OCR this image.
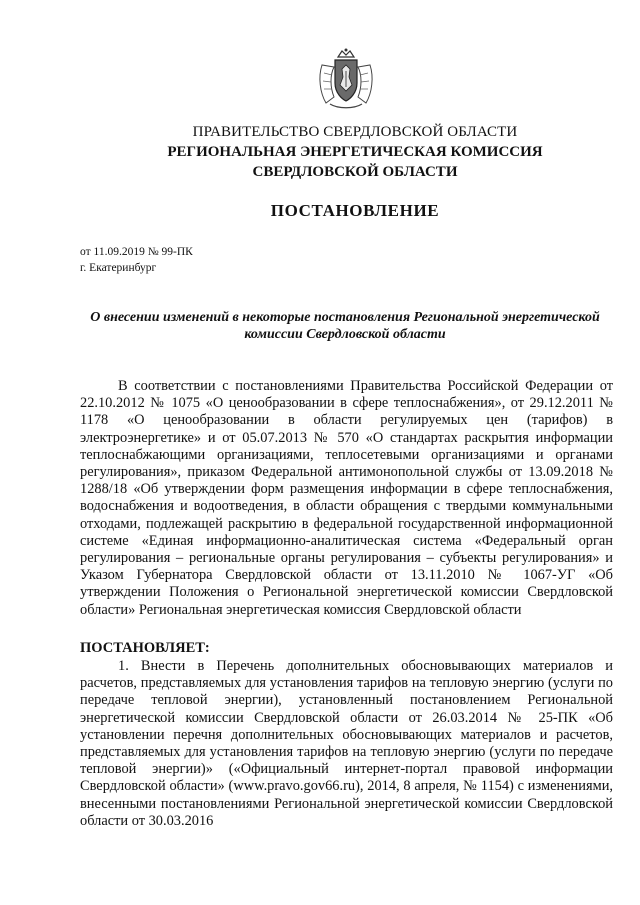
ПРАВИТЕЛЬСТВО СВЕРДЛОВСКОЙ ОБЛАСТИ
РЕГИОНАЛЬНАЯ ЭНЕРГЕТИЧЕСКАЯ КОМИССИЯ
СВЕРДЛОВСКОЙ ОБЛАСТИ
ПОСТАНОВЛЕНИЕ
от 11.09.2019 № 99-ПК
г. Екатеринбург
О внесении изменений в некоторые постановления Региональной энергетической комиссии Свердловской области
В соответствии с постановлениями Правительства Российской Федерации от 22.10.2012 № 1075 «О ценообразовании в сфере теплоснабжения», от 29.12.2011 № 1178 «О ценообразовании в области регулируемых цен (тарифов) в электроэнергетике» и от 05.07.2013 № 570 «О стандартах раскрытия информации теплоснабжающими организациями, теплосетевыми организациями и органами регулирования», приказом Федеральной антимонопольной службы от 13.09.2018 № 1288/18 «Об утверждении форм размещения информации в сфере теплоснабжения, водоснабжения и водоотведения, в области обращения с твердыми коммунальными отходами, подлежащей раскрытию в федеральной государственной информационной системе «Единая информационно-аналитическая система «Федеральный орган регулирования – региональные органы регулирования – субъекты регулирования» и Указом Губернатора Свердловской области от 13.11.2010 № 1067-УГ «Об утверждении Положения о Региональной энергетической комиссии Свердловской области» Региональная энергетическая комиссия Свердловской области
ПОСТАНОВЛЯЕТ:
1. Внести в Перечень дополнительных обосновывающих материалов и расчетов, представляемых для установления тарифов на тепловую энергию (услуги по передаче тепловой энергии), установленный постановлением Региональной энергетической комиссии Свердловской области от 26.03.2014 № 25-ПК «Об установлении перечня дополнительных обосновывающих материалов и расчетов, представляемых для установления тарифов на тепловую энергию (услуги по передаче тепловой энергии)» («Официальный интернет-портал правовой информации Свердловской области» (www.pravo.gov66.ru), 2014, 8 апреля, № 1154) с изменениями, внесенными постановлениями Региональной энергетической комиссии Свердловской области от 30.03.2016
